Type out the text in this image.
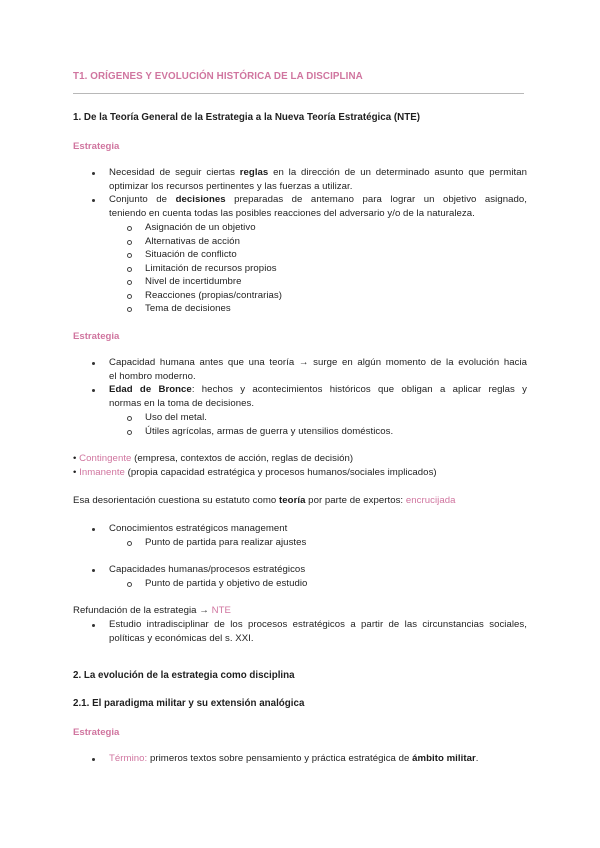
T1. ORÍGENES Y EVOLUCIÓN HISTÓRICA DE LA DISCIPLINA
1. De la Teoría General de la Estrategia a la Nueva Teoría Estratégica (NTE)
Estrategia
Necesidad de seguir ciertas reglas en la dirección de un determinado asunto que permitan
optimizar los recursos pertinentes y las fuerzas a utilizar.
Conjunto de decisiones preparadas de antemano para lograr un objetivo asignado,
teniendo en cuenta todas las posibles reacciones del adversario y/o de la naturaleza.
Asignación de un objetivo
Alternativas de acción
Situación de conflicto
Limitación de recursos propios
Nivel de incertidumbre
Reacciones (propias/contrarias)
Tema de decisiones
Estrategia
Capacidad humana antes que una teoría → surge en algún momento de la evolución hacia
el hombro moderno.
Edad de Bronce: hechos y acontecimientos históricos que obligan a aplicar reglas y
normas en la toma de decisiones.
Uso del metal.
Útiles agrícolas, armas de guerra y utensilios domésticos.
• Contingente (empresa, contextos de acción, reglas de decisión)
• Inmanente (propia capacidad estratégica y procesos humanos/sociales implicados)
Esa desorientación cuestiona su estatuto como teoría por parte de expertos: encrucijada
Conocimientos estratégicos management
Punto de partida para realizar ajustes
Capacidades humanas/procesos estratégicos
Punto de partida y objetivo de estudio
Refundación de la estrategia → NTE
Estudio intradisciplinar de los procesos estratégicos a partir de las circunstancias sociales,
políticas y económicas del s. XXI.
2. La evolución de la estrategia como disciplina
2.1. El paradigma militar y su extensión analógica
Estrategia
Término: primeros textos sobre pensamiento y práctica estratégica de ámbito militar.
